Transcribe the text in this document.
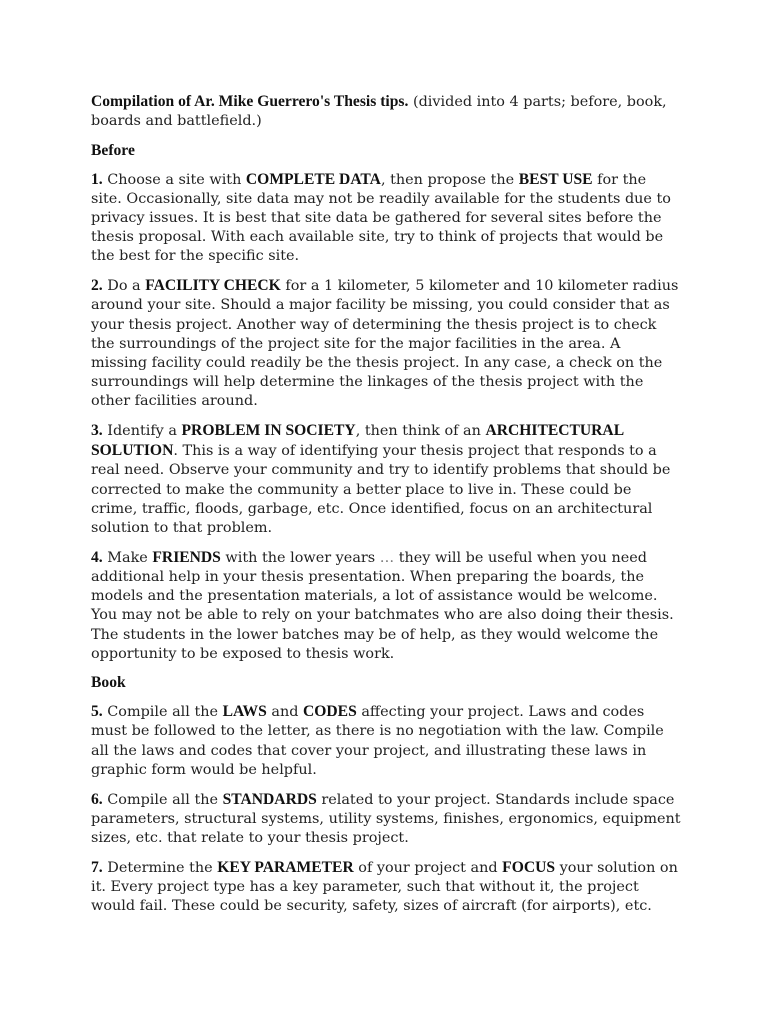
Compilation of Ar. Mike Guerrero's Thesis tips. (divided into 4 parts; before, book, boards and battlefield.)

Before

1. Choose a site with COMPLETE DATA, then propose the BEST USE for the site. Occasionally, site data may not be readily available for the students due to privacy issues. It is best that site data be gathered for several sites before the thesis proposal. With each available site, try to think of projects that would be the best for the specific site.

2. Do a FACILITY CHECK for a 1 kilometer, 5 kilometer and 10 kilometer radius around your site. Should a major facility be missing, you could consider that as your thesis project. Another way of determining the thesis project is to check the surroundings of the project site for the major facilities in the area. A missing facility could readily be the thesis project. In any case, a check on the surroundings will help determine the linkages of the thesis project with the other facilities around.

3. Identify a PROBLEM IN SOCIETY, then think of an ARCHITECTURAL SOLUTION. This is a way of identifying your thesis project that responds to a real need. Observe your community and try to identify problems that should be corrected to make the community a better place to live in. These could be crime, traffic, floods, garbage, etc. Once identified, focus on an architectural solution to that problem.

4. Make FRIENDS with the lower years … they will be useful when you need additional help in your thesis presentation. When preparing the boards, the models and the presentation materials, a lot of assistance would be welcome. You may not be able to rely on your batchmates who are also doing their thesis. The students in the lower batches may be of help, as they would welcome the opportunity to be exposed to thesis work.

Book

5. Compile all the LAWS and CODES affecting your project. Laws and codes must be followed to the letter, as there is no negotiation with the law. Compile all the laws and codes that cover your project, and illustrating these laws in graphic form would be helpful.

6. Compile all the STANDARDS related to your project. Standards include space parameters, structural systems, utility systems, finishes, ergonomics, equipment sizes, etc. that relate to your thesis project.

7. Determine the KEY PARAMETER of your project and FOCUS your solution on it. Every project type has a key parameter, such that without it, the project would fail. These could be security, safety, sizes of aircraft (for airports), etc.
